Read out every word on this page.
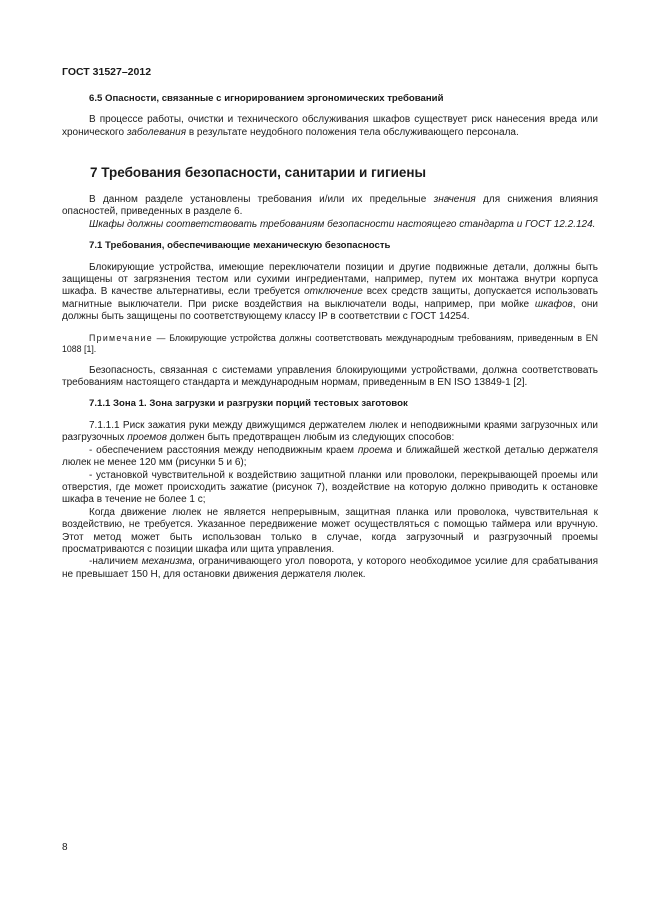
ГОСТ 31527–2012

6.5 Опасности, связанные с игнорированием эргономических требований

В процессе работы, очистки и технического обслуживания шкафов существует риск нанесения вреда или хронического заболевания в результате неудобного положения тела обслуживающего персонала.

7 Требования безопасности, санитарии и гигиены

В данном разделе установлены требования и/или их предельные значения для снижения влияния опасностей, приведенных в разделе 6.

Шкафы должны соответствовать требованиям безопасности настоящего стандарта и ГОСТ 12.2.124.

7.1 Требования, обеспечивающие механическую безопасность

Блокирующие устройства, имеющие переключатели позиции и другие подвижные детали, должны быть защищены от загрязнения тестом или сухими ингредиентами, например, путем их монтажа внутри корпуса шкафа. В качестве альтернативы, если требуется отключение всех средств защиты, допускается использовать магнитные выключатели. При риске воздействия на выключатели воды, например, при мойке шкафов, они должны быть защищены по соответствующему классу IP в соответствии с ГОСТ 14254.

Примечание — Блокирующие устройства должны соответствовать международным требованиям, приведенным в EN 1088 [1].

Безопасность, связанная с системами управления блокирующими устройствами, должна соответствовать требованиям настоящего стандарта и международным нормам, приведенным в EN ISO 13849-1 [2].

7.1.1 Зона 1. Зона загрузки и разгрузки порций тестовых заготовок

7.1.1.1 Риск зажатия руки между движущимся держателем люлек и неподвижными краями загрузочных или разгрузочных проемов должен быть предотвращен любым из следующих способов:

- обеспечением расстояния между неподвижным краем проема и ближайшей жесткой деталью держателя люлек не менее 120 мм (рисунки 5 и 6);

- установкой чувствительной к воздействию защитной планки или проволоки, перекрывающей проемы или отверстия, где может происходить зажатие (рисунок 7), воздействие на которую должно приводить к остановке шкафа в течение не более 1 с;

Когда движение люлек не является непрерывным, защитная планка или проволока, чувствительная к воздействию, не требуется. Указанное передвижение может осуществляться с помощью таймера или вручную. Этот метод может быть использован только в случае, когда загрузочный и разгрузочный проемы просматриваются с позиции шкафа или щита управления.

-наличием механизма, ограничивающего угол поворота, у которого необходимое усилие для срабатывания не превышает 150 Н, для остановки движения держателя люлек.

8
